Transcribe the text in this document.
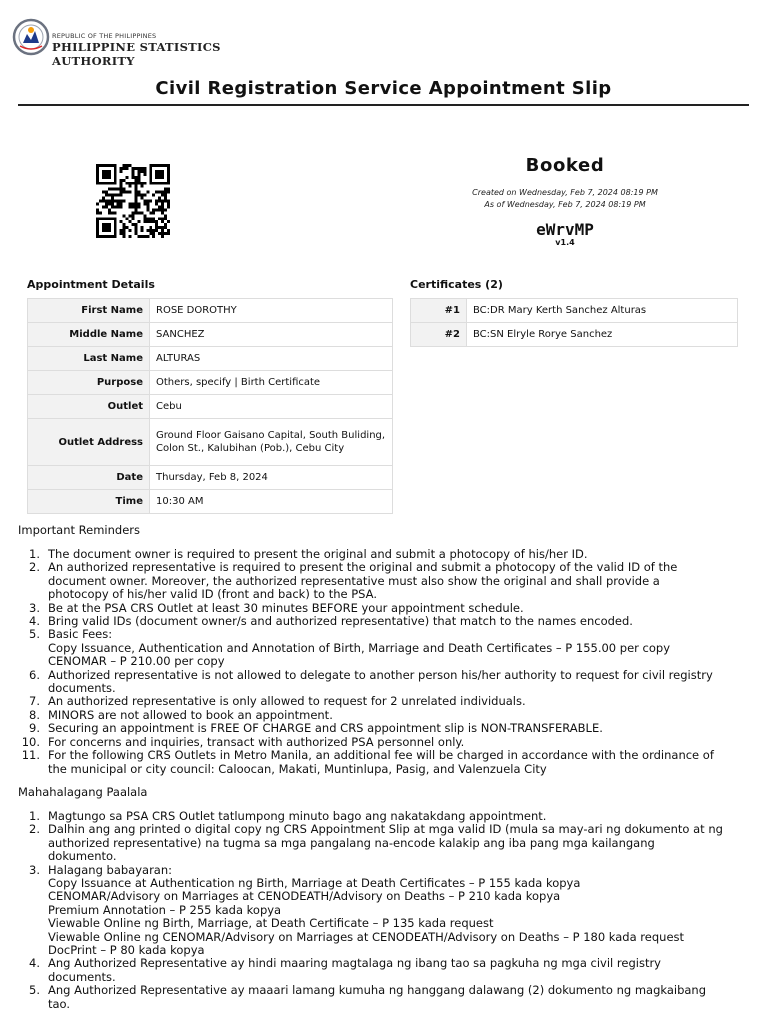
REPUBLIC OF THE PHILIPPINES
PHILIPPINE STATISTICS AUTHORITY
Civil Registration Service Appointment Slip
Booked
Created on Wednesday, Feb 7, 2024 08:19 PM
As of Wednesday, Feb 7, 2024 08:19 PM
eWrvMP
v1.4
Appointment Details
First Name	ROSE DOROTHY
Middle Name	SANCHEZ
Last Name	ALTURAS
Purpose	Others, specify | Birth Certificate
Outlet	Cebu
Outlet Address	Ground Floor Gaisano Capital, South Buliding, Colon St., Kalubihan (Pob.), Cebu City
Date	Thursday, Feb 8, 2024
Time	10:30 AM
Certificates (2)
#1	BC:DR Mary Kerth Sanchez Alturas
#2	BC:SN Elryle Rorye Sanchez
Important Reminders
1. The document owner is required to present the original and submit a photocopy of his/her ID.
2. An authorized representative is required to present the original and submit a photocopy of the valid ID of the
document owner. Moreover, the authorized representative must also show the original and shall provide a
photocopy of his/her valid ID (front and back) to the PSA.
3. Be at the PSA CRS Outlet at least 30 minutes BEFORE your appointment schedule.
4. Bring valid IDs (document owner/s and authorized representative) that match to the names encoded.
5. Basic Fees:
Copy Issuance, Authentication and Annotation of Birth, Marriage and Death Certificates – P 155.00 per copy
CENOMAR – P 210.00 per copy
6. Authorized representative is not allowed to delegate to another person his/her authority to request for civil registry
documents.
7. An authorized representative is only allowed to request for 2 unrelated individuals.
8. MINORS are not allowed to book an appointment.
9. Securing an appointment is FREE OF CHARGE and CRS appointment slip is NON-TRANSFERABLE.
10. For concerns and inquiries, transact with authorized PSA personnel only.
11. For the following CRS Outlets in Metro Manila, an additional fee will be charged in accordance with the ordinance of
the municipal or city council: Caloocan, Makati, Muntinlupa, Pasig, and Valenzuela City
Mahahalagang Paalala
1. Magtungo sa PSA CRS Outlet tatlumpong minuto bago ang nakatakdang appointment.
2. Dalhin ang ang printed o digital copy ng CRS Appointment Slip at mga valid ID (mula sa may-ari ng dokumento at ng
authorized representative) na tugma sa mga pangalang na-encode kalakip ang iba pang mga kailangang
dokumento.
3. Halagang babayaran:
Copy Issuance at Authentication ng Birth, Marriage at Death Certificates – P 155 kada kopya
CENOMAR/Advisory on Marriages at CENODEATH/Advisory on Deaths – P 210 kada kopya
Premium Annotation – P 255 kada kopya
Viewable Online ng Birth, Marriage, at Death Certificate – P 135 kada request
Viewable Online ng CENOMAR/Advisory on Marriages at CENODEATH/Advisory on Deaths – P 180 kada request
DocPrint – P 80 kada kopya
4. Ang Authorized Representative ay hindi maaring magtalaga ng ibang tao sa pagkuha ng mga civil registry
documents.
5. Ang Authorized Representative ay maaari lamang kumuha ng hanggang dalawang (2) dokumento ng magkaibang
tao.
